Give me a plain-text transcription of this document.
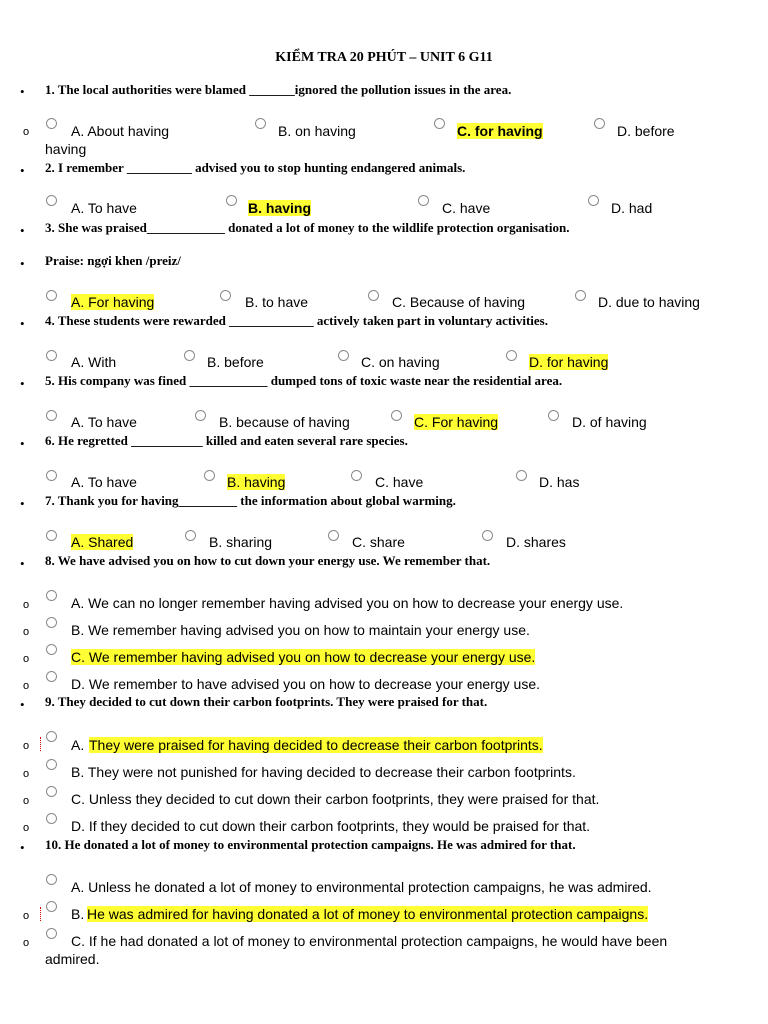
KIỂM TRA 20 PHÚT – UNIT 6 G11
• 1. The local authorities were blamed _______ignored the pollution issues in the area.
o	A. About having	B. on having	C. for having	D. before
having
• 2. I remember __________ advised you to stop hunting endangered animals.
A. To have	B. having	C. have	D. had
• 3. She was praised____________ donated a lot of money to the wildlife protection organisation.
• Praise: ngợi khen /preiz/
A. For having	B. to have	C. Because of having	D. due to having
• 4. These students were rewarded _____________ actively taken part in voluntary activities.
A. With	B. before	C. on having	D. for having
• 5. His company was fined ____________ dumped tons of toxic waste near the residential area.
A. To have	B. because of having	C. For having	D. of having
• 6. He regretted ___________ killed and eaten several rare species.
A. To have	B. having	C. have	D. has
• 7. Thank you for having_________ the information about global warming.
A. Shared	B. sharing	C. share	D. shares
• 8. We have advised you on how to cut down your energy use. We remember that.
o	A. We can no longer remember having advised you on how to decrease your energy use.
o	B. We remember having advised you on how to maintain your energy use.
o	C. We remember having advised you on how to decrease your energy use.
o	D. We remember to have advised you on how to decrease your energy use.
• 9. They decided to cut down their carbon footprints. They were praised for that.
o	A. They were praised for having decided to decrease their carbon footprints.
o	B. They were not punished for having decided to decrease their carbon footprints.
o	C. Unless they decided to cut down their carbon footprints, they were praised for that.
o	D. If they decided to cut down their carbon footprints, they would be praised for that.
• 10. He donated a lot of money to environmental protection campaigns. He was admired for that.
A. Unless he donated a lot of money to environmental protection campaigns, he was admired.
o	B. He was admired for having donated a lot of money to environmental protection campaigns.
o	C. If he had donated a lot of money to environmental protection campaigns, he would have been
admired.
